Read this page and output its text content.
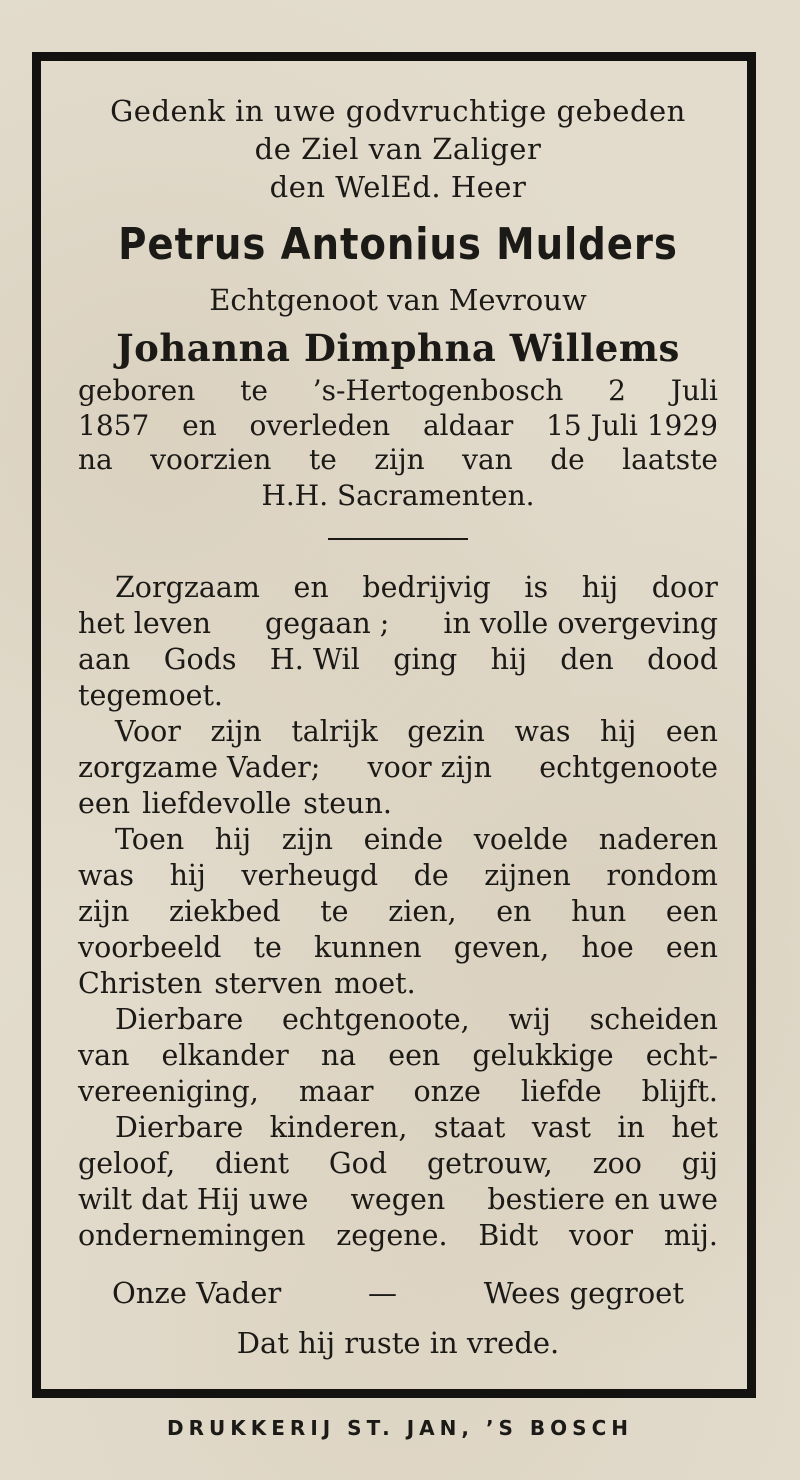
Gedenk in uwe godvruchtige gebeden
de Ziel van Zaliger
den WelEd. Heer
Petrus Antonius Mulders
Echtgenoot van Mevrouw
Johanna Dimphna Willems
geboren te ’s-Hertogenbosch 2 Juli
1857 en overleden aldaar 15 Juli 1929
na voorzien te zijn van de laatste
H.H. Sacramenten.
Zorgzaam en bedrijvig is hij door
het leven gegaan ; in volle overgeving
aan Gods H. Wil ging hij den dood
tegemoet.
Voor zijn talrijk gezin was hij een
zorgzame Vader; voor zijn echtgenoote
een liefdevolle steun.
Toen hij zijn einde voelde naderen
was hij verheugd de zijnen rondom
zijn ziekbed te zien, en hun een
voorbeeld te kunnen geven, hoe een
Christen sterven moet.
Dierbare echtgenoote, wij scheiden
van elkander na een gelukkige echt-
vereeniging, maar onze liefde blijft.
Dierbare kinderen, staat vast in het
geloof, dient God getrouw, zoo gij
wilt dat Hij uwe wegen bestiere en uwe
ondernemingen zegene. Bidt voor mij.
Onze Vader	—	Wees gegroet
Dat hij ruste in vrede.
DRUKKERIJ ST. JAN, ’S BOSCH
